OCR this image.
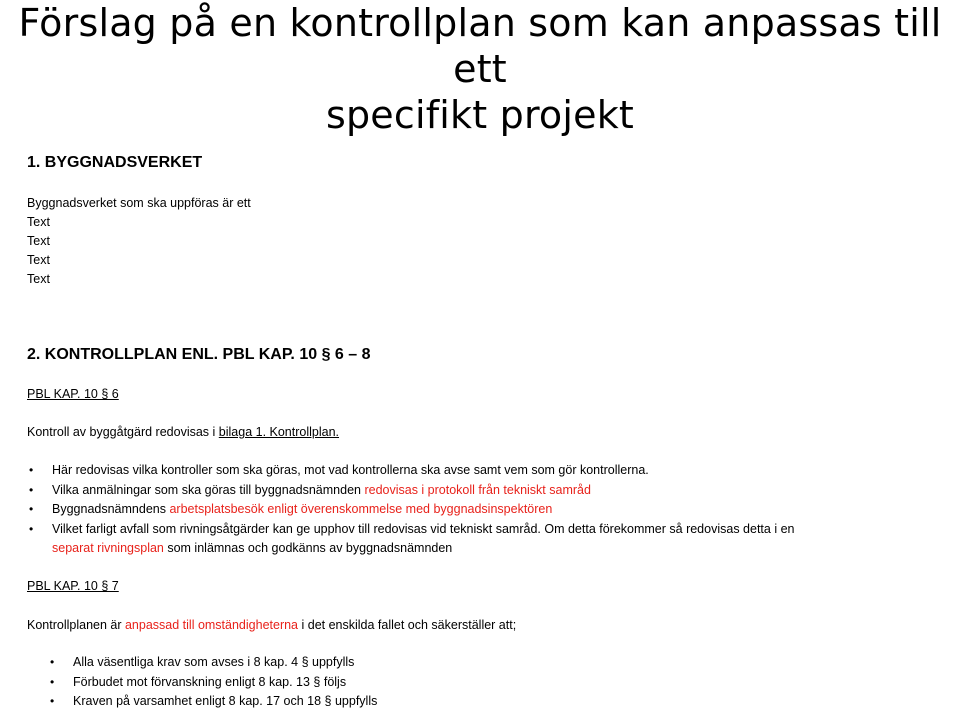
Förslag på en kontrollplan som kan anpassas till ett
specifikt projekt

1. BYGGNADSVERKET

Byggnadsverket som ska uppföras är ett

Text

Text

Text

Text

2. KONTROLLPLAN ENL. PBL KAP. 10 § 6 – 8

PBL KAP. 10 § 6

Kontroll av byggåtgärd redovisas i bilaga 1. Kontrollplan.

• Här redovisas vilka kontroller som ska göras, mot vad kontrollerna ska avse samt vem som gör kontrollerna.
• Vilka anmälningar som ska göras till byggnadsnämnden redovisas i protokoll från tekniskt samråd
• Byggnadsnämndens arbetsplatsbesök enligt överenskommelse med byggnadsinspektören
• Vilket farligt avfall som rivningsåtgärder kan ge upphov till redovisas vid tekniskt samråd. Om detta förekommer så redovisas detta i en
separat rivningsplan som inlämnas och godkänns av byggnadsnämnden

PBL KAP. 10 § 7

Kontrollplanen är anpassad till omständigheterna i det enskilda fallet och säkerställer att;

• Alla väsentliga krav som avses i 8 kap. 4 § uppfylls
• Förbudet mot förvanskning enligt 8 kap. 13 § följs
• Kraven på varsamhet enligt 8 kap. 17 och 18 § uppfylls
